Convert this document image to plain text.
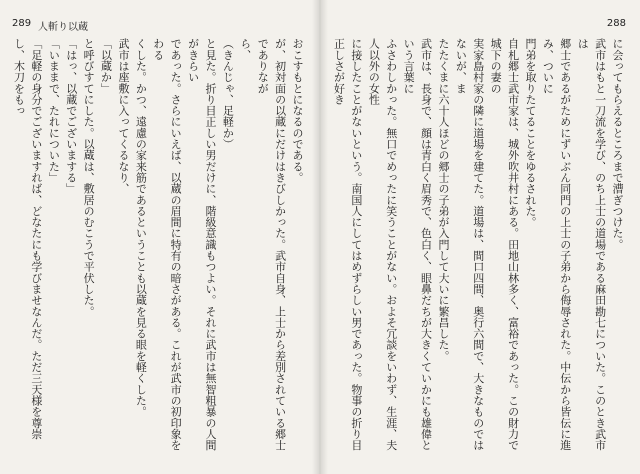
289 人斬り以蔵

おこすもとになるのである。

が、初対面の以蔵にだけはきびしかった。武市自身、上士から差別されている郷士でありなが

ら、

（きんじゃ、足軽か）

と見た。折り目正しい男だけに、階級意識もつよい。それに武市は無智粗暴の人間がきらい

であった。さらにいえば、以蔵の眉間に特有の暗さがある。これが武市の初印象をわる

くした。かつ、遠慮の家来筋であるということも以蔵を見る眼を軽くした。

武市は座敷に入ってくるなり、

「以蔵か」

と呼びすてにした。以蔵は、敷居のむこうで平伏した。

「はっ、以蔵でございまする」

「いままで、たれについた」

「足軽の身分でございますれば、どなたにも学びませなんだ。ただ三天様を尊崇し、木刀をもっ

288

に会ってもらえるところまで漕ぎつけた。

武市はもと一刀流を学び、のち上士の道場である麻田勘七についた。このとき武市は

郷士であるがためにずいぶん同門の上士の子弟から侮辱された。中伝から皆伝に進み、ついに

門弟を取りたてることをゆるされた。

自札郷士武市家は、城外吹井村にある。田地山林多く、富裕であった。この財力で城下の妻の

実家島村家の隣に道場を建てた。道場は、間口四間、奥行六間で、大きなものではないが、ま

たたくまに六十人ほどの郷士の子弟が入門して大いに繁昌した。

武市は、長身で、顔は青白く眉秀で、色白く、眼鼻だちが大きくていかにも雄偉という言葉に

ふさわしかった。無口でめったに笑うことがない。およそ冗談をいわず、生涯、夫人以外の女性

に接したことがないという。南国人にしてはめずらしい男であった。物事の折り目正しさが好き
